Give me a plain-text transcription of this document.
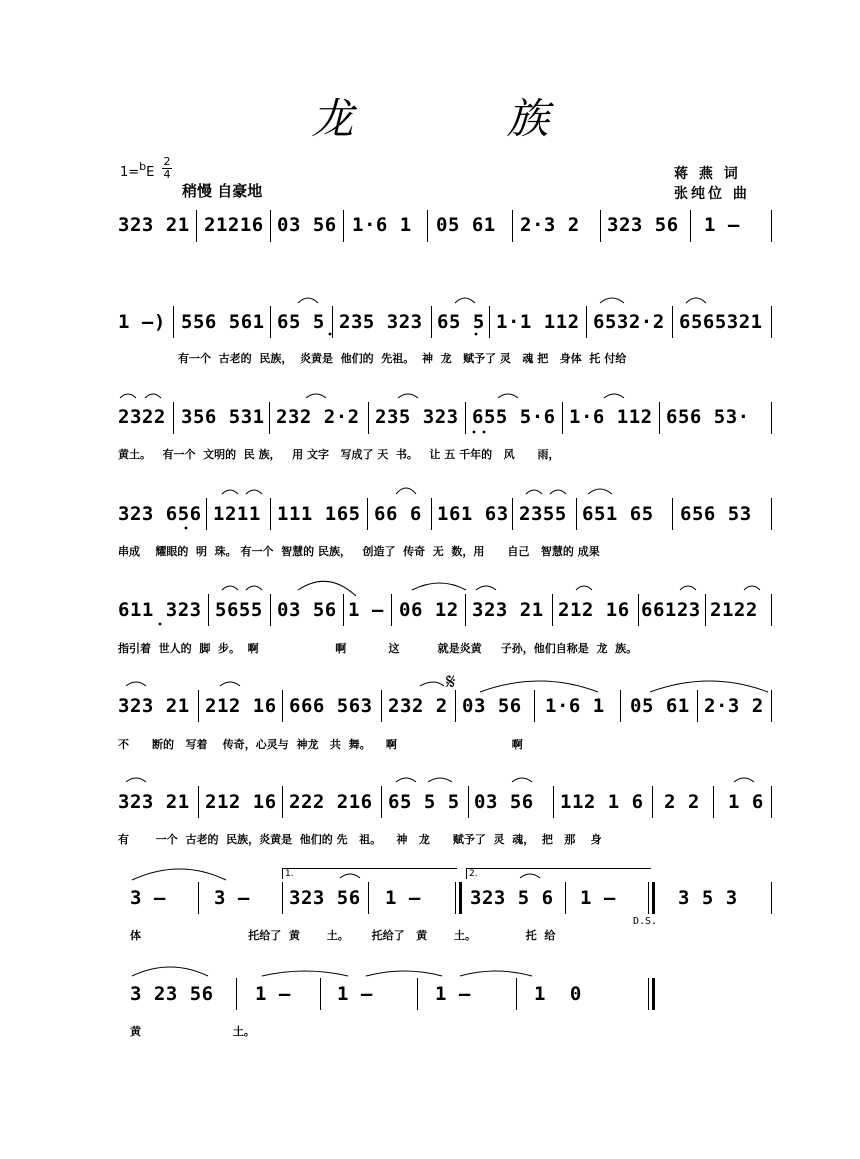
龙 族
1=$^b$E
2

4
稍慢 自豪地
蒋 燕 词
张纯位 曲
323 21 21216 03 56 1·6 1 05 61 2·3 2 323 56 1 –
1 –) 556 561 65 5 235 323 65 5 1·1 112 6532·2 6565321
有一个  古老的  民族，  炎黄是  他们的  先祖。  神  龙   赋予了 灵   魂 把   身体  托 付给
2322 356 531 232 2·2 235 323 655 5·6 1·6 112 656 53·
黄土。   有一个  文明的  民 族，   用 文字   写成了 天  书。   让 五 千年的   风      雨，
323 656 1211 111 165 66 6 161 63 2355 651 65 656 53
串成    耀眼的  明  珠。 有一个  智慧的 民族，   创造了  传奇  无  数，用      自己   智慧的 成果
611 323 5655 03 56 1 – 06 12 323 21 212 16 66123 2122
指引着  世人的  脚  步。  啊                    啊           这          就是炎黄     子孙，他们自称是  龙  族。
323 21 212 16 666 563 232 2
𝄋
03 56 1·6 1 05 61 2·3 2
不      断的   写着    传奇，心灵与  神龙   共  舞。    啊                              啊
323 21 212 16 222 216 65 5 5 03 56 112 1 6 2 2 1 6
有       一个  古老的  民族，炎黄是  他们的 先   祖。    神   龙      赋予了  灵  魂，  把   那    身
3 –	3 –
1.
323 56 1 –
2.
323 5 6 1 –
D.S.
3 5 3
体                            托给了  黄       土。      托给了   黄       土。             托  给
3 23 56 1 – 1 –	1 –	1  0
黄                        土。
